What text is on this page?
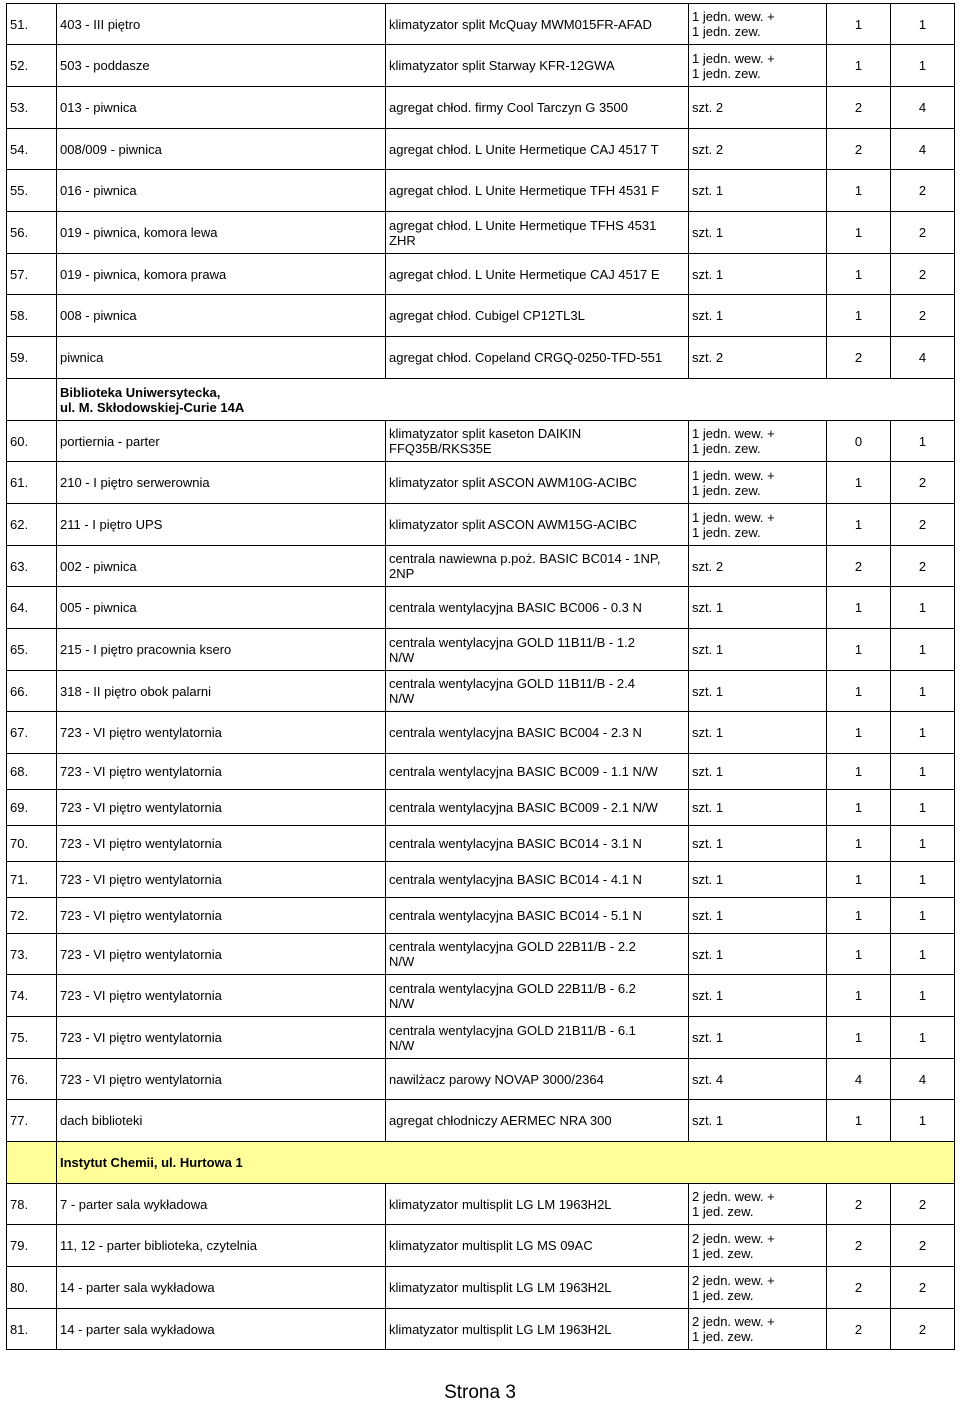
51.	403 - III piętro	klimatyzator split McQuay MWM015FR-AFAD	1 jedn. wew. +
1 jedn. zew.	1	1
52.	503 - poddasze	klimatyzator split Starway KFR-12GWA	1 jedn. wew. +
1 jedn. zew.	1	1
53.	013 - piwnica	agregat chłod. firmy Cool Tarczyn G 3500	szt. 2	2	4
54.	008/009 - piwnica	agregat chłod. L Unite Hermetique CAJ 4517 T	szt. 2	2	4
55.	016 - piwnica	agregat chłod. L Unite Hermetique TFH 4531 F	szt. 1	1	2
56.	019 - piwnica, komora lewa	agregat chłod. L Unite Hermetique TFHS 4531
ZHR	szt. 1	1	2
57.	019 - piwnica, komora prawa	agregat chłod. L Unite Hermetique CAJ 4517 E	szt. 1	1	2
58.	008 - piwnica	agregat chłod. Cubigel CP12TL3L	szt. 1	1	2
59.	piwnica	agregat chłod. Copeland CRGQ-0250-TFD-551	szt. 2	2	4
	Biblioteka Uniwersytecka,
ul. M. Skłodowskiej-Curie 14A				
60.	portiernia - parter	klimatyzator split kaseton DAIKIN
FFQ35B/RKS35E	1 jedn. wew. +
1 jedn. zew.	0	1
61.	210 - I piętro serwerownia	klimatyzator split ASCON AWM10G-ACIBC	1 jedn. wew. +
1 jedn. zew.	1	2
62.	211 - I piętro UPS	klimatyzator split ASCON AWM15G-ACIBC	1 jedn. wew. +
1 jedn. zew.	1	2
63.	002 - piwnica	centrala nawiewna p.poż. BASIC BC014 - 1NP,
2NP	szt. 2	2	2
64.	005 - piwnica	centrala wentylacyjna BASIC BC006 - 0.3 N	szt. 1	1	1
65.	215 - I piętro pracownia ksero	centrala wentylacyjna GOLD 11B11/B - 1.2
N/W	szt. 1	1	1
66.	318 - II piętro obok palarni	centrala wentylacyjna GOLD 11B11/B - 2.4
N/W	szt. 1	1	1
67.	723 - VI piętro wentylatornia	centrala wentylacyjna BASIC BC004 - 2.3 N	szt. 1	1	1
68.	723 - VI piętro wentylatornia	centrala wentylacyjna BASIC BC009 - 1.1 N/W	szt. 1	1	1
69.	723 - VI piętro wentylatornia	centrala wentylacyjna BASIC BC009 - 2.1 N/W	szt. 1	1	1
70.	723 - VI piętro wentylatornia	centrala wentylacyjna BASIC BC014 - 3.1 N	szt. 1	1	1
71.	723 - VI piętro wentylatornia	centrala wentylacyjna BASIC BC014 - 4.1 N	szt. 1	1	1
72.	723 - VI piętro wentylatornia	centrala wentylacyjna BASIC BC014 - 5.1 N	szt. 1	1	1
73.	723 - VI piętro wentylatornia	centrala wentylacyjna GOLD 22B11/B - 2.2
N/W	szt. 1	1	1
74.	723 - VI piętro wentylatornia	centrala wentylacyjna GOLD 22B11/B - 6.2
N/W	szt. 1	1	1
75.	723 - VI piętro wentylatornia	centrala wentylacyjna GOLD 21B11/B - 6.1
N/W	szt. 1	1	1
76.	723 - VI piętro wentylatornia	nawilżacz parowy NOVAP 3000/2364	szt. 4	4	4
77.	dach biblioteki	agregat chłodniczy AERMEC NRA 300	szt. 1	1	1
	Instytut Chemii, ul. Hurtowa 1				
78.	7 - parter sala wykładowa	klimatyzator multisplit LG LM 1963H2L	2 jedn. wew. +
1 jed. zew.	2	2
79.	11, 12 - parter biblioteka, czytelnia	klimatyzator multisplit LG MS 09AC	2 jedn. wew. +
1 jed. zew.	2	2
80.	14 - parter sala wykładowa	klimatyzator multisplit LG LM 1963H2L	2 jedn. wew. +
1 jed. zew.	2	2
81.	14 - parter sala wykładowa	klimatyzator multisplit LG LM 1963H2L	2 jedn. wew. +
1 jed. zew.	2	2
Strona 3
